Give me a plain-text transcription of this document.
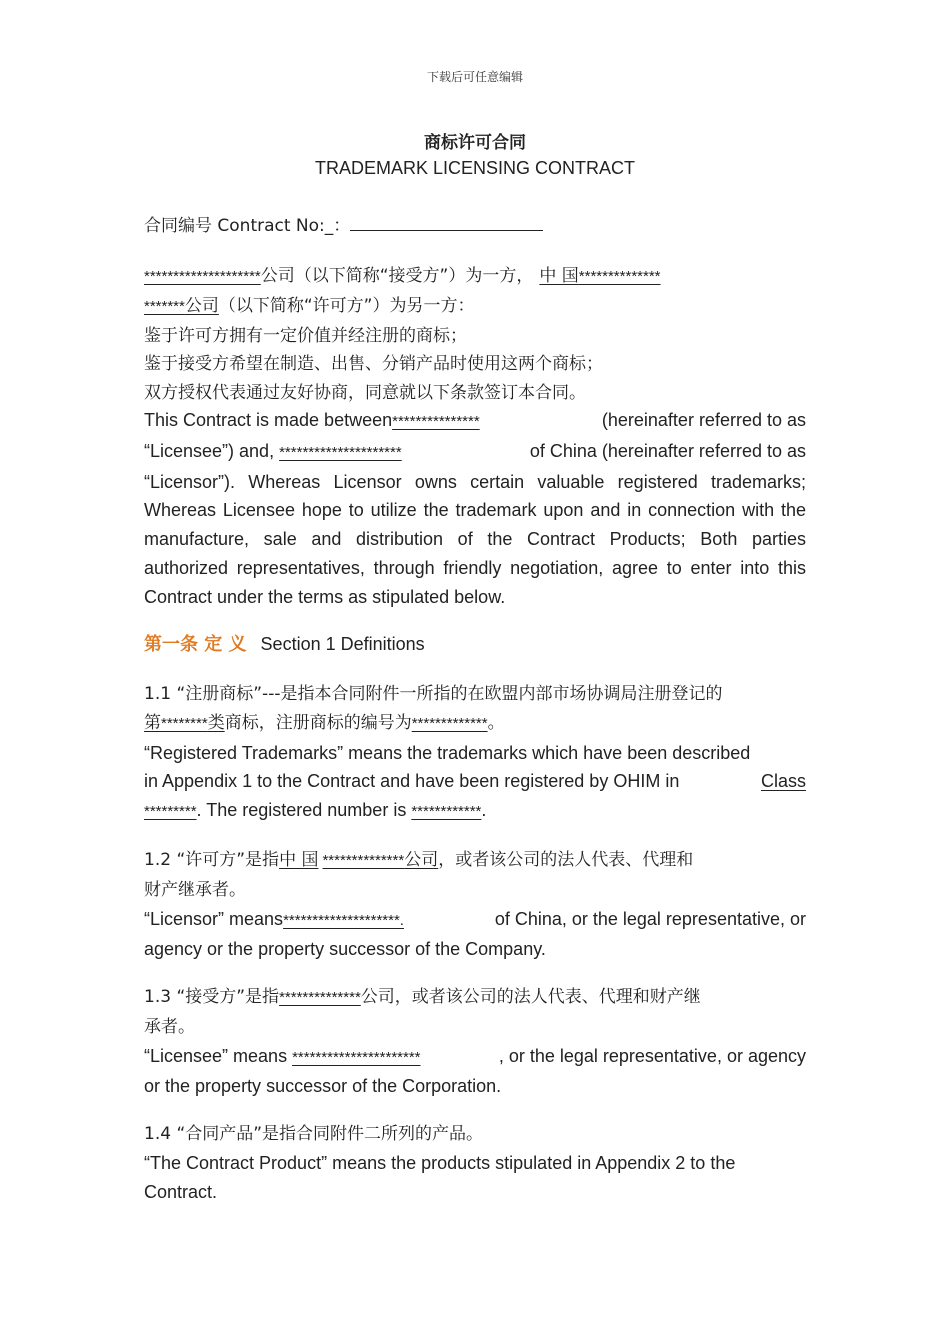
下载后可任意编辑
商标许可合同
TRADEMARK LICENSING CONTRACT
合同编号 Contract No:_：
********************公司（以下简称“接受方”）为一方， 中 国**************
*******公司（以下简称“许可方”）为另一方：
鉴于许可方拥有一定价值并经注册的商标；
鉴于接受方希望在制造、出售、分销产品时使用这两个商标；
双方授权代表通过友好协商，同意就以下条款签订本合同。
This Contract is made between***************	(hereinafter referred to as
“Licensee”) and, *********************	of China (hereinafter referred to as
“Licensor”). Whereas Licensor owns certain valuable registered trademarks; Whereas Licensee hope to utilize the trademark upon and in connection with the manufacture, sale and distribution of the Contract Products; Both parties authorized representatives, through friendly negotiation, agree to enter into this Contract under the terms as stipulated below.
第一条 定 义 Section 1 Definitions
1.1 “注册商标”---是指本合同附件一所指的在欧盟内部市场协调局注册登记的
第********类商标，注册商标的编号为*************。
“Registered Trademarks” means the trademarks which have been described
in Appendix 1 to the Contract and have been registered by OHIM in	Class
*********. The registered number is ************.
1.2 “许可方”是指中 国 **************公司，或者该公司的法人代表、代理和
财产继承者。
“Licensor” means********************.	of China, or the legal representative, or
agency or the property successor of the Company.
1.3 “接受方”是指**************公司，或者该公司的法人代表、代理和财产继
承者。
“Licensee” means **********************	, or the legal representative, or agency
or the property successor of the Corporation.
1.4 “合同产品”是指合同附件二所列的产品。
“The Contract Product” means the products stipulated in Appendix 2 to the
Contract.
